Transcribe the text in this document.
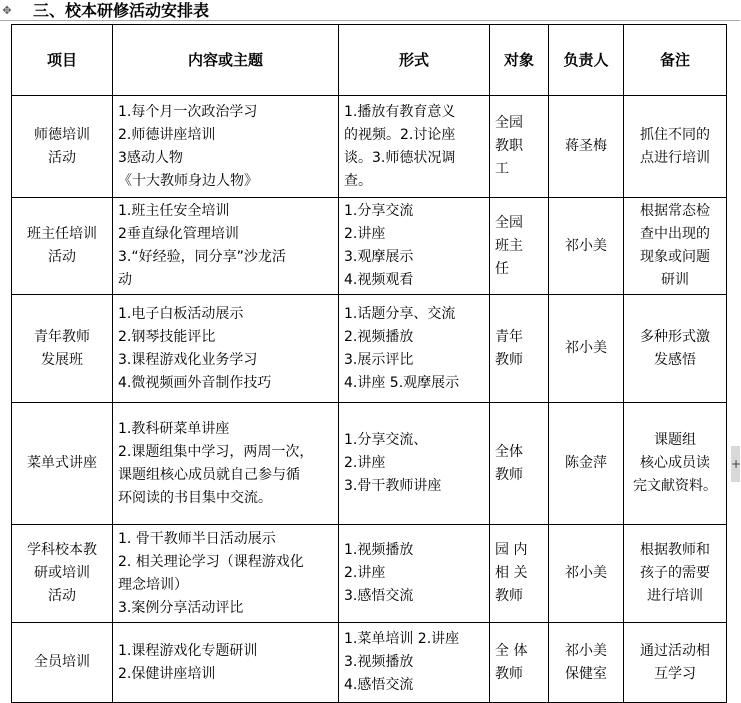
✥ 三、校本研修活动安排表
项目	内容或主题	形式	对象	负责人	备注

师德培训
活动	1.每个月一次政治学习
2.师德讲座培训
3感动人物
《十大教师身边人物》	1.播放有教育意义
的视频。2.讨论座
谈。3.师德状况调
查。	全园
教职
工	蒋圣梅	抓住不同的
点进行培训

班主任培训
活动	1.班主任安全培训
2垂直绿化管理培训
3.“好经验，同分享”沙龙活
动	1.分享交流
2.讲座
3.观摩展示
4.视频观看	全园
班主
任	祁小美	根据常态检
查中出现的
现象或问题
研训

青年教师
发展班	1.电子白板活动展示
2.钢琴技能评比
3.课程游戏化业务学习
4.微视频画外音制作技巧	1.话题分享、交流
2.视频播放
3.展示评比
4.讲座 5.观摩展示	青年
教师	祁小美	多种形式激
发感悟

菜单式讲座	1.教科研菜单讲座
2.课题组集中学习，两周一次，
课题组核心成员就自己参与循
环阅读的书目集中交流。	1.分享交流、
2.讲座
3.骨干教师讲座	全体
教师	陈金萍	课题组
核心成员读
完文献资料。

学科校本教
研或培训
活动	1. 骨干教师半日活动展示
2. 相关理论学习（课程游戏化
理念培训）
3.案例分享活动评比	1.视频播放
2.讲座
3.感悟交流	园 内
相 关
教师	祁小美	根据教师和
孩子的需要
进行培训

全员培训	1.课程游戏化专题研训
2.保健讲座培训	1.菜单培训 2.讲座
3.视频播放
4.感悟交流	全 体
教师	祁小美
保健室	通过活动相
互学习
+
